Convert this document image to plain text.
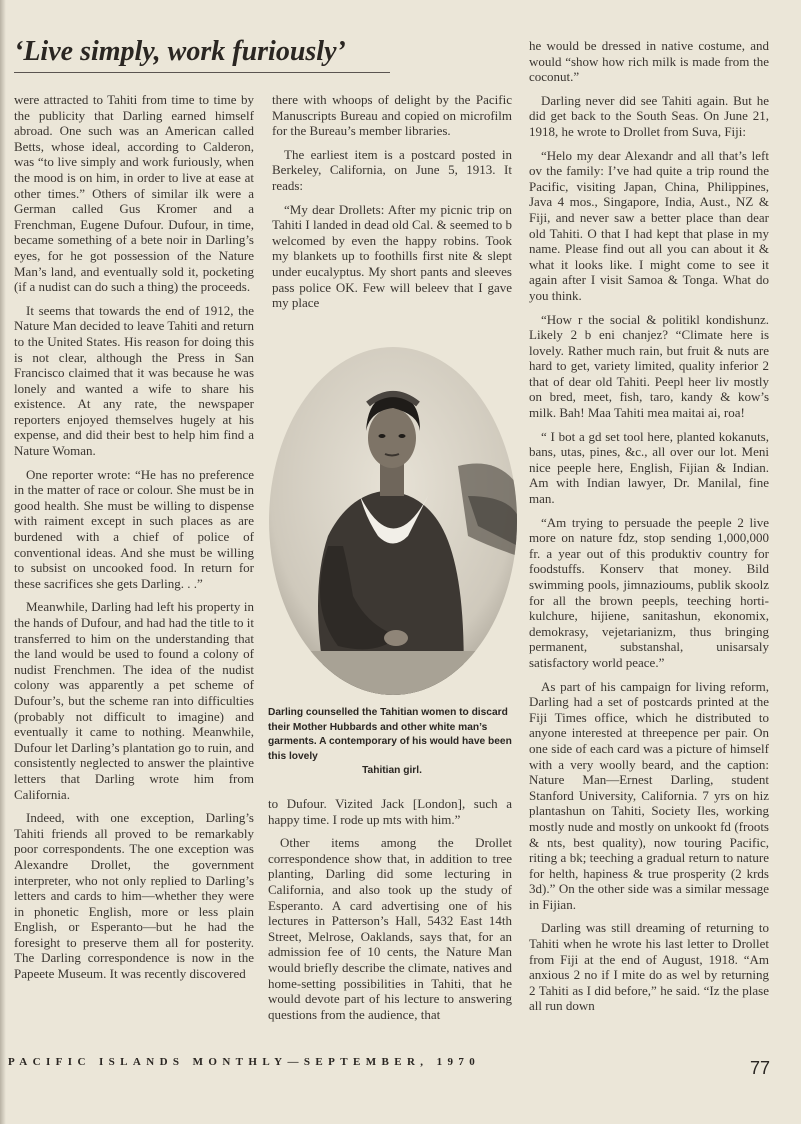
‘Live simply, work furiously’

were attracted to Tahiti from time to time by the publicity that Darling earned himself abroad. One such was an American called Betts, whose ideal, according to Calderon, was “to live simply and work furiously, when the mood is on him, in order to live at ease at other times.” Others of similar ilk were a German called Gus Kromer and a Frenchman, Eugene Dufour. Dufour, in time, became something of a bete noir in Darling’s eyes, for he got possession of the Nature Man’s land, and eventually sold it, pocketing (if a nudist can do such a thing) the proceeds.

It seems that towards the end of 1912, the Nature Man decided to leave Tahiti and return to the United States. His reason for doing this is not clear, although the Press in San Francisco claimed that it was because he was lonely and wanted a wife to share his existence. At any rate, the newspaper reporters enjoyed themselves hugely at his expense, and did their best to help him find a Nature Woman.

One reporter wrote: “He has no preference in the matter of race or colour. She must be in good health. She must be willing to dispense with raiment except in such places as are burdened with a chief of police of conventional ideas. And she must be willing to subsist on uncooked food. In return for these sacrifices she gets Darling. . .”

Meanwhile, Darling had left his property in the hands of Dufour, and had had the title to it transferred to him on the understanding that the land would be used to found a colony of nudist Frenchmen. The idea of the nudist colony was apparently a pet scheme of Dufour’s, but the scheme ran into difficulties (probably not difficult to imagine) and eventually it came to nothing. Meanwhile, Dufour let Darling’s plantation go to ruin, and consistently neglected to answer the plaintive letters that Darling wrote him from California.

Indeed, with one exception, Darling’s Tahiti friends all proved to be remarkably poor correspondents. The one exception was Alexandre Drollet, the government interpreter, who not only replied to Darling’s letters and cards to him—whether they were in phonetic English, more or less plain English, or Esperanto—but he had the foresight to preserve them all for posterity. The Darling correspondence is now in the Papeete Museum. It was recently discovered

there with whoops of delight by the Pacific Manuscripts Bureau and copied on microfilm for the Bureau’s member libraries.

The earliest item is a postcard posted in Berkeley, California, on June 5, 1913. It reads:

“My dear Drollets: After my picnic trip on Tahiti I landed in dead old Cal. & seemed to b welcomed by even the happy robins. Took my blankets up to foothills first nite & slept under eucalyptus. My short pants and sleeves pass police OK. Few will beleev that I gave my place

Darling counselled the Tahitian women to discard their Mother Hubbards and other white man’s garments. A contemporary of his would have been this lovely
Tahitian girl.

to Dufour. Vizited Jack [London], such a happy time. I rode up mts with him.”

Other items among the Drollet correspondence show that, in addition to tree planting, Darling did some lecturing in California, and also took up the study of Esperanto. A card advertising one of his lectures in Patterson’s Hall, 5432 East 14th Street, Melrose, Oaklands, says that, for an admission fee of 10 cents, the Nature Man would briefly describe the climate, natives and home-setting possibilities in Tahiti, that he would devote part of his lecture to answering questions from the audience, that

he would be dressed in native costume, and would “show how rich milk is made from the coconut.”

Darling never did see Tahiti again. But he did get back to the South Seas. On June 21, 1918, he wrote to Drollet from Suva, Fiji:

“Helo my dear Alexandr and all that’s left ov the family: I’ve had quite a trip round the Pacific, visiting Japan, China, Philippines, Java 4 mos., Singapore, India, Aust., NZ & Fiji, and never saw a better place than dear old Tahiti. O that I had kept that plase in my name. Please find out all you can about it & what it looks like. I might come to see it again after I visit Samoa & Tonga. What do you think.

“How r the social & politikl kondishunz. Likely 2 b eni chanjez? “Climate here is lovely. Rather much rain, but fruit & nuts are hard to get, variety limited, quality inferior 2 that of dear old Tahiti. Peepl heer liv mostly on bred, meet, fish, taro, kandy & kow’s milk. Bah! Maa Tahiti mea maitai ai, roa!

“ I bot a gd set tool here, planted kokanuts, bans, utas, pines, &c., all over our lot. Meni nice peeple here, English, Fijian & Indian. Am with Indian lawyer, Dr. Manilal, fine man.

“Am trying to persuade the peeple 2 live more on nature fdz, stop sending 1,000,000 fr. a year out of this produktiv country for foodstuffs. Konserv that money. Bild swimming pools, jimnazioums, publik skoolz for all the brown peepls, teeching horti-kulchure, hijiene, sanitashun, ekonomix, demokrasy, vejetarianizm, thus bringing permanent, substanshal, unisarsaly satisfactory world peace.”

As part of his campaign for living reform, Darling had a set of postcards printed at the Fiji Times office, which he distributed to anyone interested at threepence per pair. On one side of each card was a picture of himself with a very woolly beard, and the caption: Nature Man—Ernest Darling, student Stanford University, California. 7 yrs on hiz plantashun on Tahiti, Society Iles, working mostly nude and mostly on unkookt fd (froots & nts, best quality), now touring Pacific, riting a bk; teeching a gradual return to nature for helth, hapiness & true prosperity (2 krds 3d).” On the other side was a similar message in Fijian.

Darling was still dreaming of returning to Tahiti when he wrote his last letter to Drollet from Fiji at the end of August, 1918. “Am anxious 2 no if I mite do as wel by returning 2 Tahiti as I did before,” he said. “Iz the plase all run down

PACIFIC ISLANDS MONTHLY—SEPTEMBER, 1970	77
